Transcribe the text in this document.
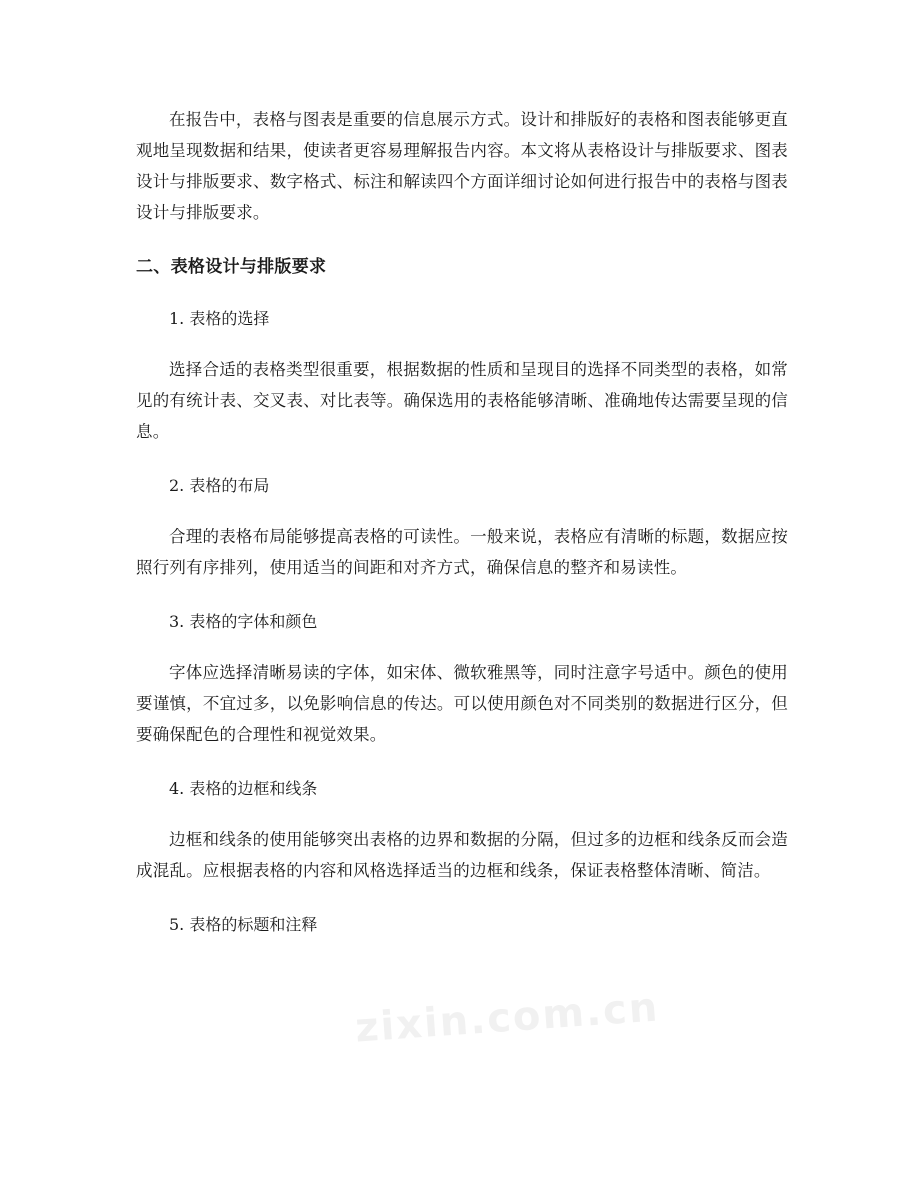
在报告中，表格与图表是重要的信息展示方式。设计和排版好的表格和图表能够更直观地呈现数据和结果，使读者更容易理解报告内容。本文将从表格设计与排版要求、图表设计与排版要求、数字格式、标注和解读四个方面详细讨论如何进行报告中的表格与图表设计与排版要求。

二、表格设计与排版要求
1. 表格的选择

选择合适的表格类型很重要，根据数据的性质和呈现目的选择不同类型的表格，如常见的有统计表、交叉表、对比表等。确保选用的表格能够清晰、准确地传达需要呈现的信息。

2. 表格的布局

合理的表格布局能够提高表格的可读性。一般来说，表格应有清晰的标题，数据应按照行列有序排列，使用适当的间距和对齐方式，确保信息的整齐和易读性。

3. 表格的字体和颜色

字体应选择清晰易读的字体，如宋体、微软雅黑等，同时注意字号适中。颜色的使用要谨慎，不宜过多，以免影响信息的传达。可以使用颜色对不同类别的数据进行区分，但要确保配色的合理性和视觉效果。

4. 表格的边框和线条

边框和线条的使用能够突出表格的边界和数据的分隔，但过多的边框和线条反而会造成混乱。应根据表格的内容和风格选择适当的边框和线条，保证表格整体清晰、简洁。

5. 表格的标题和注释
zixin.com.cn
